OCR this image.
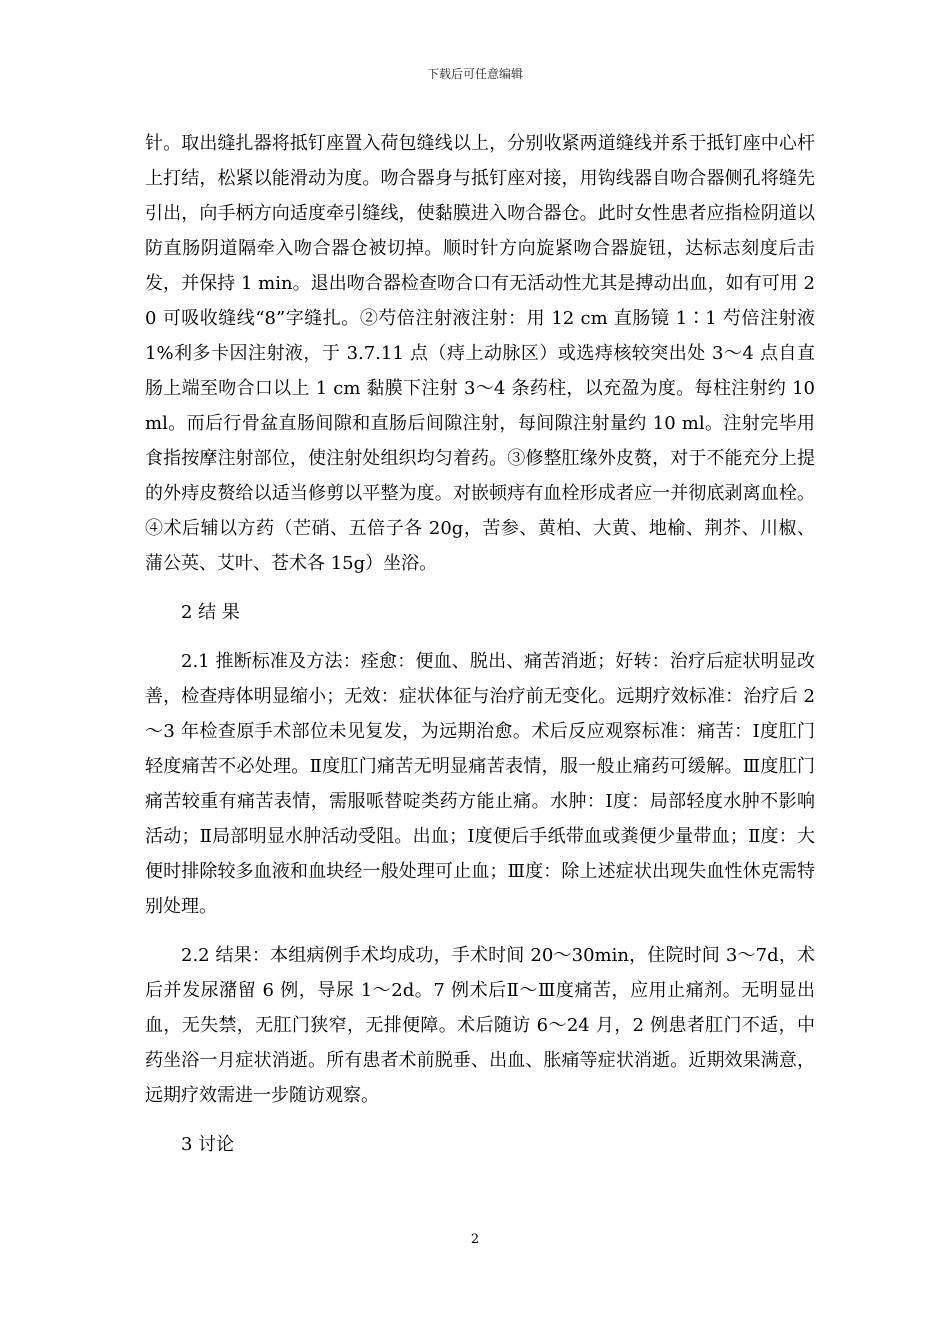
下载后可任意编辑

针。取出缝扎器将抵钉座置入荷包缝线以上，分别收紧两道缝线并系于抵钉座中心杆上打结，松紧以能滑动为度。吻合器身与抵钉座对接，用钩线器自吻合器侧孔将缝先引出，向手柄方向适度牵引缝线，使黏膜进入吻合器仓。此时女性患者应指检阴道以防直肠阴道隔牵入吻合器仓被切掉。顺时针方向旋紧吻合器旋钮，达标志刻度后击发，并保持 1 min。退出吻合器检查吻合口有无活动性尤其是搏动出血，如有可用 20 可吸收缝线“8”字缝扎。②芍倍注射液注射：用 12 cm 直肠镜 1∶1 芍倍注射液 1%利多卡因注射液，于 3.7.11 点（痔上动脉区）或选痔核较突出处 3～4 点自直肠上端至吻合口以上 1 cm 黏膜下注射 3～4 条药柱，以充盈为度。每柱注射约 10 ml。而后行骨盆直肠间隙和直肠后间隙注射，每间隙注射量约 10 ml。注射完毕用食指按摩注射部位，使注射处组织均匀着药。③修整肛缘外皮赘，对于不能充分上提的外痔皮赘给以适当修剪以平整为度。对嵌顿痔有血栓形成者应一并彻底剥离血栓。④术后辅以方药（芒硝、五倍子各 20g，苦参、黄柏、大黄、地榆、荆芥、川椒、蒲公英、艾叶、苍术各 15g）坐浴。

2 结 果

2.1 推断标准及方法：痊愈：便血、脱出、痛苦消逝；好转：治疗后症状明显改善，检查痔体明显缩小；无效：症状体征与治疗前无变化。远期疗效标准：治疗后 2～3 年检查原手术部位未见复发，为远期治愈。术后反应观察标准：痛苦：Ⅰ度肛门轻度痛苦不必处理。Ⅱ度肛门痛苦无明显痛苦表情，服一般止痛药可缓解。Ⅲ度肛门痛苦较重有痛苦表情，需服哌替啶类药方能止痛。水肿：Ⅰ度：局部轻度水肿不影响活动；Ⅱ局部明显水肿活动受阻。出血；Ⅰ度便后手纸带血或粪便少量带血；Ⅱ度：大便时排除较多血液和血块经一般处理可止血；Ⅲ度：除上述症状出现失血性休克需特别处理。

2.2 结果：本组病例手术均成功，手术时间 20～30min，住院时间 3～7d，术后并发尿潴留 6 例，导尿 1～2d。7 例术后Ⅱ～Ⅲ度痛苦，应用止痛剂。无明显出血，无失禁，无肛门狭窄，无排便障。术后随访 6～24 月，2 例患者肛门不适，中药坐浴一月症状消逝。所有患者术前脱垂、出血、胀痛等症状消逝。近期效果满意，远期疗效需进一步随访观察。

3 讨论

2
